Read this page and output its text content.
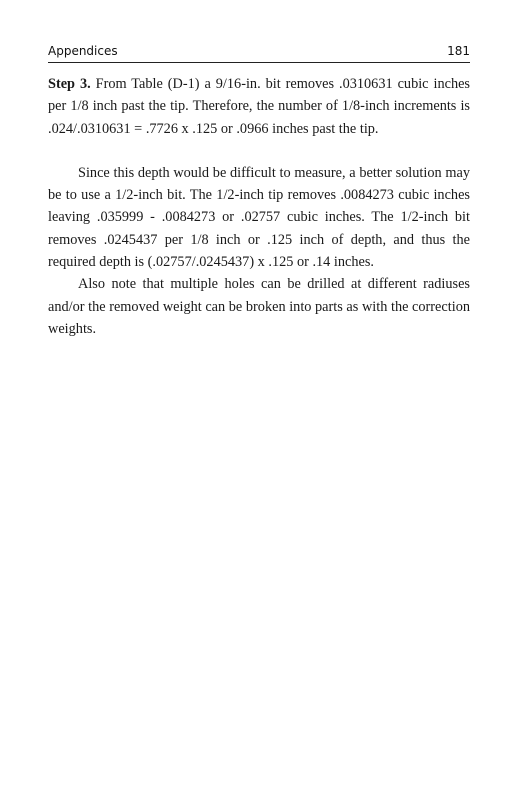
Appendices	181

Step 3. From Table (D-1) a 9/16-in. bit removes .0310631 cubic inches per 1/8 inch past the tip. Therefore, the number of 1/8-inch increments is .024/.0310631 = .7726 x .125 or .0966 inches past the tip.

Since this depth would be difficult to measure, a better solution may be to use a 1/2-inch bit. The 1/2-inch tip removes .0084273 cubic inches leaving .035999 - .0084273 or .02757 cubic inches. The 1/2-inch bit removes .0245437 per 1/8 inch or .125 inch of depth, and thus the required depth is (.02757/.0245437) x .125 or .14 inches.

Also note that multiple holes can be drilled at different radiuses and/or the removed weight can be broken into parts as with the correction weights.
